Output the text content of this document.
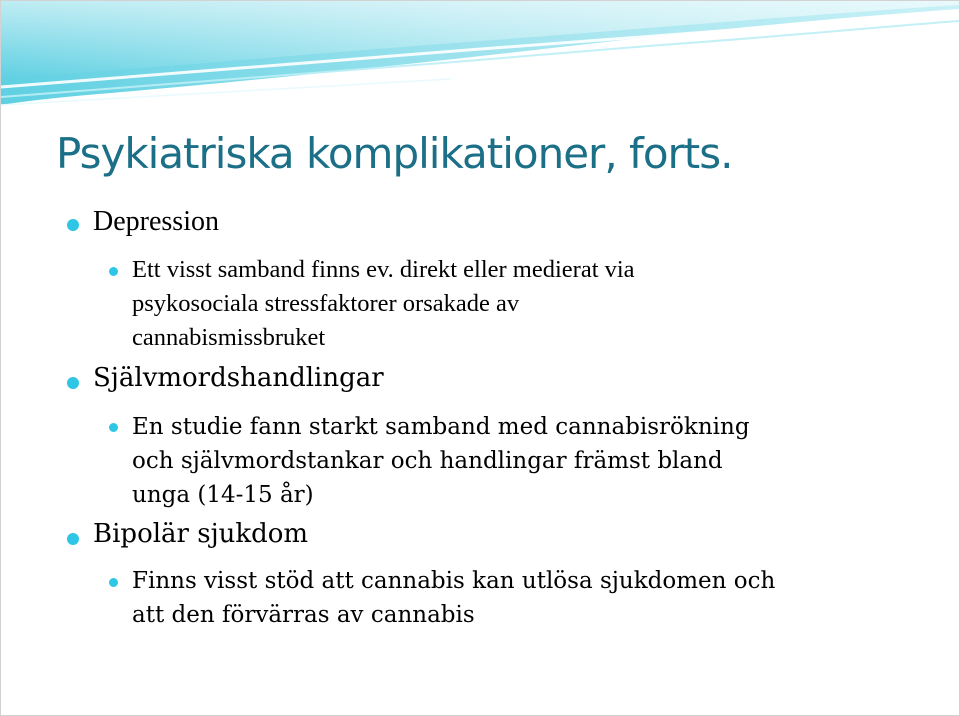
Psykiatriska komplikationer, forts.
Depression
Ett visst samband finns ev. direkt eller medierat via
psykosociala stressfaktorer orsakade av
cannabismissbruket
Självmordshandlingar
En studie fann starkt samband med cannabisrökning
och självmordstankar och handlingar främst bland
unga (14-15 år)
Bipolär sjukdom
Finns visst stöd att cannabis kan utlösa sjukdomen och
att den förvärras av cannabis
